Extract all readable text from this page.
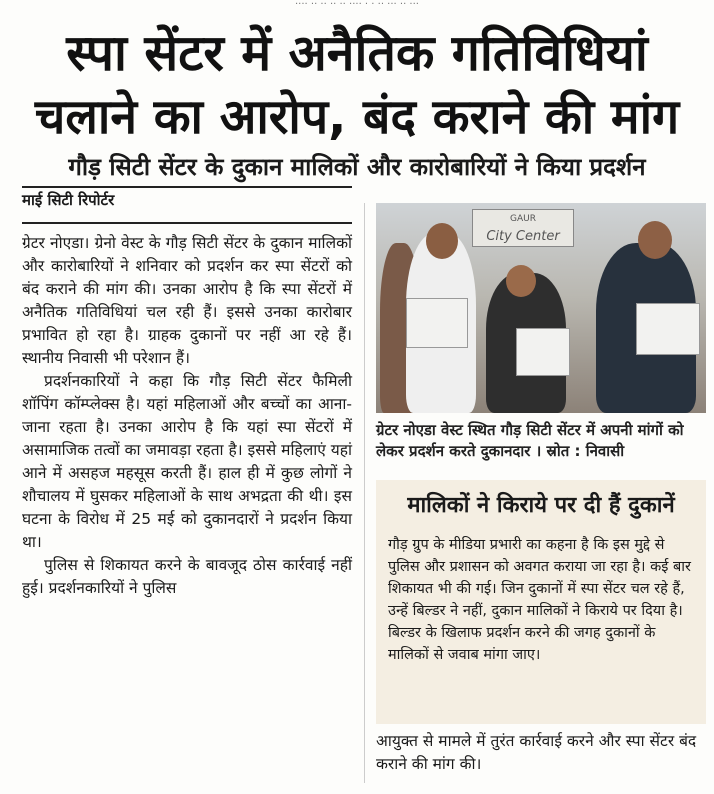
···· ·· ·· ·· ·· ···· · · ·· ··· ·· ···
स्पा सेंटर में अनैतिक गतिविधियां
चलाने का आरोप, बंद कराने की मांग
गौड़ सिटी सेंटर के दुकान मालिकों और कारोबारियों ने किया प्रदर्शन
माई सिटी रिपोर्टर

ग्रेटर नोएडा। ग्रेनो वेस्ट के गौड़ सिटी सेंटर के दुकान मालिकों और कारोबारियों ने शनिवार को प्रदर्शन कर स्पा सेंटरों को बंद कराने की मांग की। उनका आरोप है कि स्पा सेंटरों में अनैतिक गतिविधियां चल रही हैं। इससे उनका कारोबार प्रभावित हो रहा है। ग्राहक दुकानों पर नहीं आ रहे हैं। स्थानीय निवासी भी परेशान हैं।

प्रदर्शनकारियों ने कहा कि गौड़ सिटी सेंटर फैमिली शॉपिंग कॉम्प्लेक्स है। यहां महिलाओं और बच्चों का आना-जाना रहता है। उनका आरोप है कि यहां स्पा सेंटरों में असामाजिक तत्वों का जमावड़ा रहता है। इससे महिलाएं यहां आने में असहज महसूस करती हैं। हाल ही में कुछ लोगों ने शौचालय में घुसकर महिलाओं के साथ अभद्रता की थी। इस घटना के विरोध में 25 मई को दुकानदारों ने प्रदर्शन किया था।

पुलिस से शिकायत करने के बावजूद ठोस कार्रवाई नहीं हुई। प्रदर्शनकारियों ने पुलिस

GAUR
City Center
ग्रेटर नोएडा वेस्ट स्थित गौड़ सिटी सेंटर में अपनी मांगों को लेकर प्रदर्शन करते दुकानदार । स्रोत : निवासी
मालिकों ने किराये पर दी हैं दुकानें
गौड़ ग्रुप के मीडिया प्रभारी का कहना है कि इस मुद्दे से पुलिस और प्रशासन को अवगत कराया जा रहा है। कई बार शिकायत भी की गई। जिन दुकानों में स्पा सेंटर चल रहे हैं, उन्हें बिल्डर ने नहीं, दुकान मालिकों ने किराये पर दिया है। बिल्डर के खिलाफ प्रदर्शन करने की जगह दुकानों के मालिकों से जवाब मांगा जाए।
आयुक्त से मामले में तुरंत कार्रवाई करने और स्पा सेंटर बंद कराने की मांग की।
